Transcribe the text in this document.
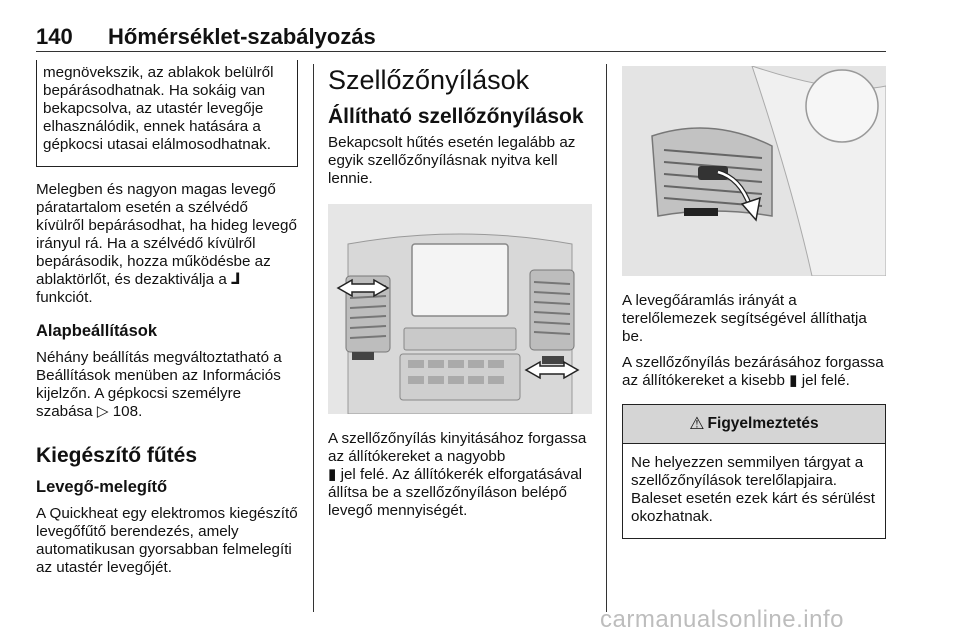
140 Hőmérséklet-szabályozás
megnövekszik, az ablakok belülről bepárásodhatnak. Ha sokáig van bekapcsolva, az utastér levegője elhasználódik, ennek hatására a gépkocsi utasai elálmosodhatnak.

Melegben és nagyon magas levegő páratartalom esetén a szélvédő kívülről bepárásodhat, ha hideg levegő irányul rá. Ha a szélvédő kívülről bepárásodik, hozza működésbe az ablaktörlőt, és dezaktiválja a ᒧ funkciót.

Alapbeállítások

Néhány beállítás megváltoztatható a Beállítások menüben az Információs kijelzőn. A gépkocsi személyre szabása ▷ 108.

Kiegészítő fűtés
Levegő-melegítő

A Quickheat egy elektromos kiegészítő levegőfűtő berendezés, amely automatikusan gyorsabban felmelegíti az utastér levegőjét.

Szellőzőnyílások
Állítható szellőzőnyílások

Bekapcsolt hűtés esetén legalább az egyik szellőzőnyílásnak nyitva kell lennie.

A szellőzőnyílás kinyitásához forgassa az állítókereket a nagyobb
▮ jel felé. Az állítókerék elforgatásával állítsa be a szellőzőnyíláson belépő levegő mennyiségét.

A levegőáramlás irányát a terelőlemezek segítségével állíthatja be.

A szellőzőnyílás bezárásához forgassa az állítókereket a kisebb ▮ jel felé.

⚠ Figyelmeztetés
Ne helyezzen semmilyen tárgyat a szellőzőnyílások terelőlapjaira. Baleset esetén ezek kárt és sérülést okozhatnak.
carmanualsonline.info
